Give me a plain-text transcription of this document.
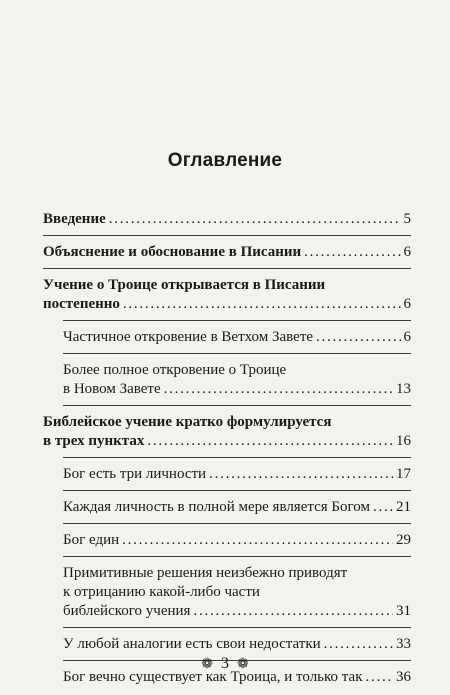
Оглавление
Введение . . .	5
Объяснение и обоснование в Писании . . .	6
Учение о Троице открывается в Писании
постепенно . . .	6
Частичное откровение в Ветхом Завете . . .	6
Более полное откровение о Троице
в Новом Завете . . .	13
Библейское учение кратко формулируется
в трех пунктах . . .	16
Бог есть три личности . . .	17
Каждая личность в полной мере является Богом . . . 21
Бог един . . .	29
Примитивные решения неизбежно приводят
к отрицанию какой-либо части
библейского учения . . .	31
У любой аналогии есть свои недостатки . . .	33
Бог вечно существует как Троица, и только так . . . 36
❁ 3 ❁
